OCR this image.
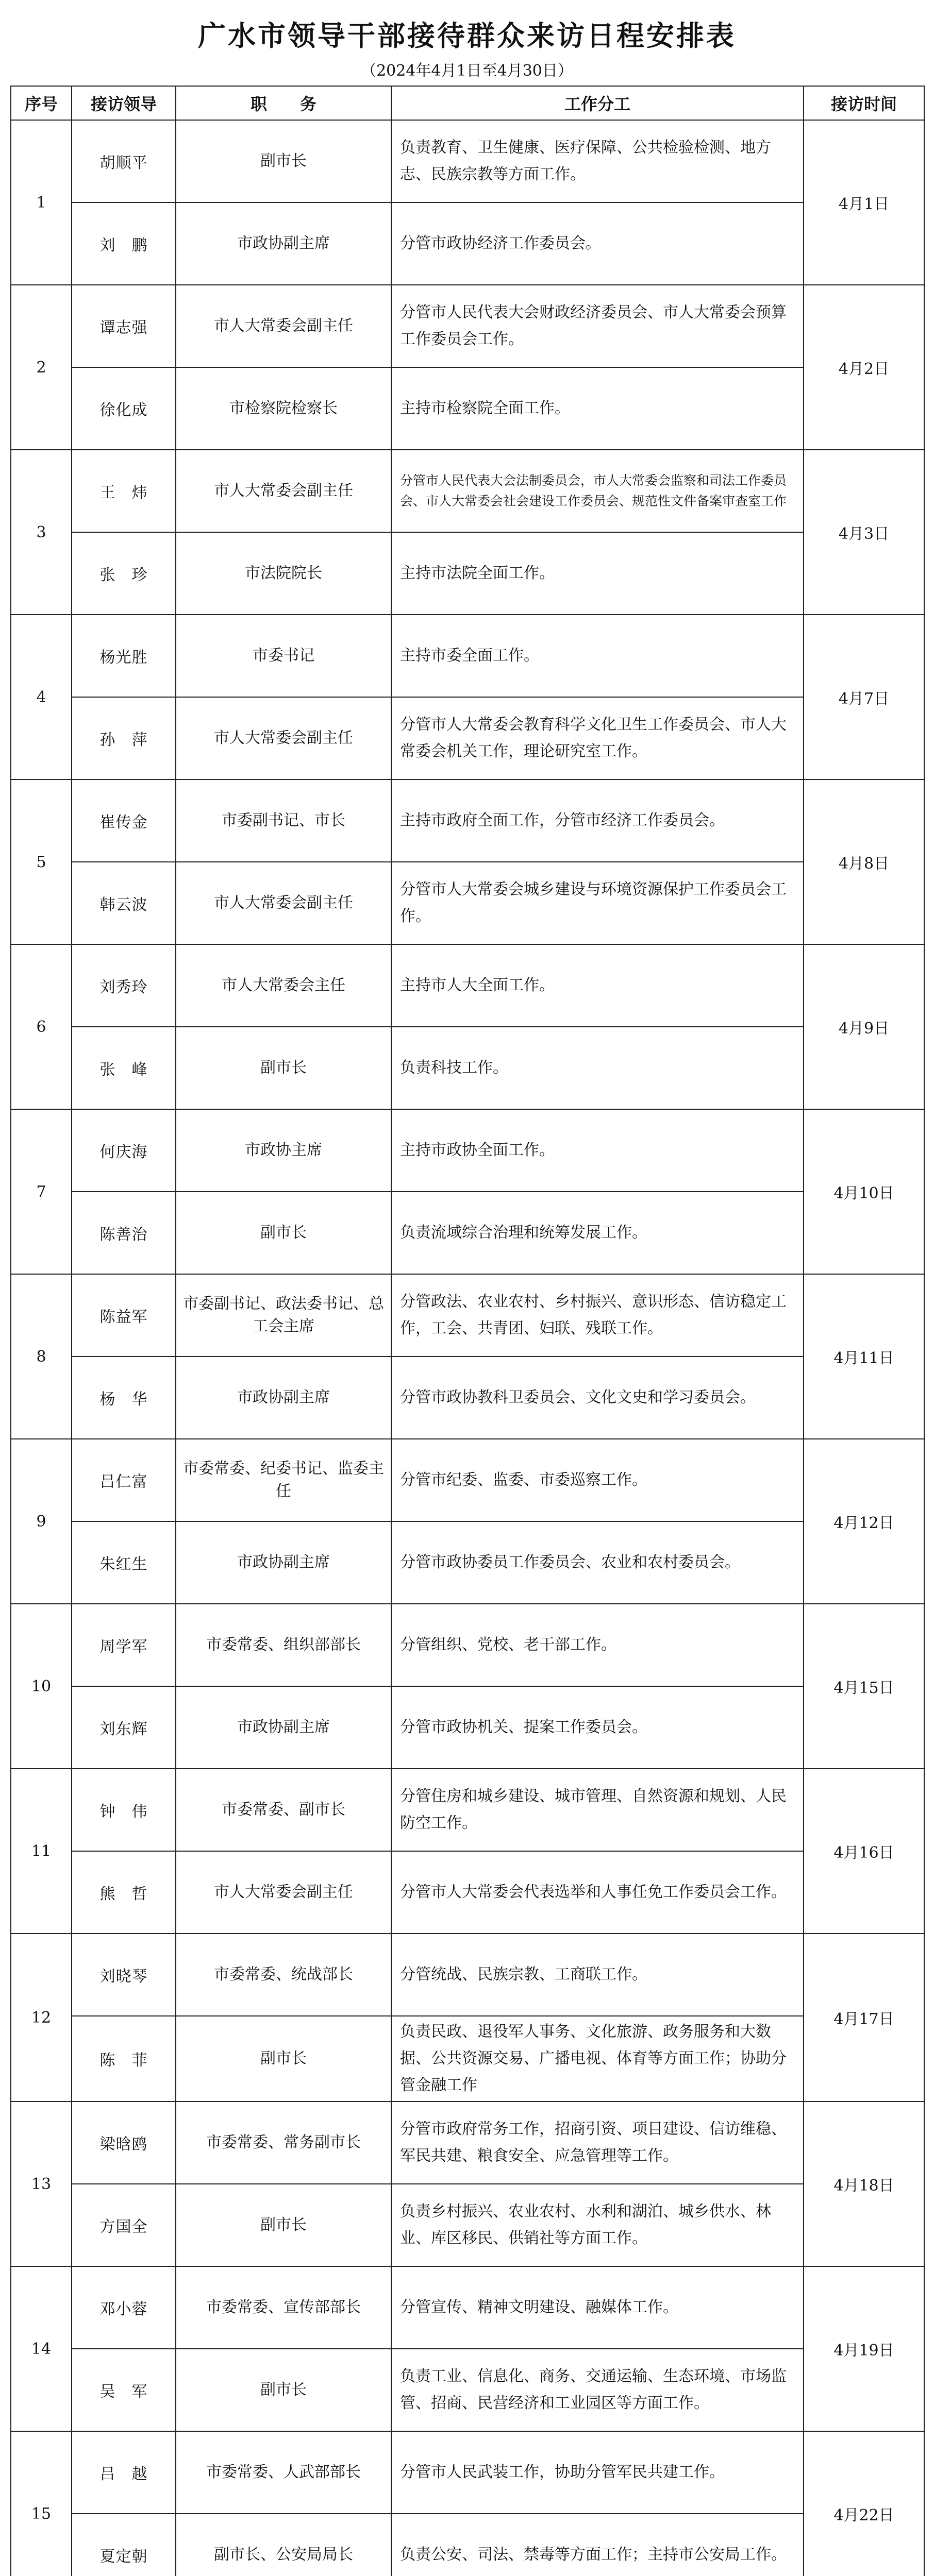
广水市领导干部接待群众来访日程安排表
（2024年4月1日至4月30日）
序号	接访领导	职　　务	工作分工	接访时间
1	胡顺平	副市长	负责教育、卫生健康、医疗保障、公共检验检测、地方志、民族宗教等方面工作。	4月1日
	刘　鹏	市政协副主席	分管市政协经济工作委员会。	
2	谭志强	市人大常委会副主任	分管市人民代表大会财政经济委员会、市人大常委会预算工作委员会工作。	4月2日
	徐化成	市检察院检察长	主持市检察院全面工作。	
3	王　炜	市人大常委会副主任	分管市人民代表大会法制委员会，市人大常委会监察和司法工作委员会、市人大常委会社会建设工作委员会、规范性文件备案审查室工作	4月3日
	张　珍	市法院院长	主持市法院全面工作。	
4	杨光胜	市委书记	主持市委全面工作。	4月7日
	孙　萍	市人大常委会副主任	分管市人大常委会教育科学文化卫生工作委员会、市人大常委会机关工作，理论研究室工作。	
5	崔传金	市委副书记、市长	主持市政府全面工作，分管市经济工作委员会。	4月8日
	韩云波	市人大常委会副主任	分管市人大常委会城乡建设与环境资源保护工作委员会工作。	
6	刘秀玲	市人大常委会主任	主持市人大全面工作。	4月9日
	张　峰	副市长	负责科技工作。	
7	何庆海	市政协主席	主持市政协全面工作。	4月10日
	陈善治	副市长	负责流域综合治理和统筹发展工作。	
8	陈益军	市委副书记、政法委书记、总工会主席	分管政法、农业农村、乡村振兴、意识形态、信访稳定工作，工会、共青团、妇联、残联工作。	4月11日
	杨　华	市政协副主席	分管市政协教科卫委员会、文化文史和学习委员会。	
9	吕仁富	市委常委、纪委书记、监委主任	分管市纪委、监委、市委巡察工作。	4月12日
	朱红生	市政协副主席	分管市政协委员工作委员会、农业和农村委员会。	
10	周学军	市委常委、组织部部长	分管组织、党校、老干部工作。	4月15日
	刘东辉	市政协副主席	分管市政协机关、提案工作委员会。	
11	钟　伟	市委常委、副市长	分管住房和城乡建设、城市管理、自然资源和规划、人民防空工作。	4月16日
	熊　哲	市人大常委会副主任	分管市人大常委会代表选举和人事任免工作委员会工作。	
12	刘晓琴	市委常委、统战部长	分管统战、民族宗教、工商联工作。	4月17日
	陈　菲	副市长	负责民政、退役军人事务、文化旅游、政务服务和大数据、公共资源交易、广播电视、体育等方面工作；协助分管金融工作	
13	梁晗鸥	市委常委、常务副市长	分管市政府常务工作，招商引资、项目建设、信访维稳、军民共建、粮食安全、应急管理等工作。	4月18日
	方国全	副市长	负责乡村振兴、农业农村、水利和湖泊、城乡供水、林业、库区移民、供销社等方面工作。	
14	邓小蓉	市委常委、宣传部部长	分管宣传、精神文明建设、融媒体工作。	4月19日
	吴　军	副市长	负责工业、信息化、商务、交通运输、生态环境、市场监管、招商、民营经济和工业园区等方面工作。	
15	吕　越	市委常委、人武部部长	分管市人民武装工作，协助分管军民共建工作。	4月22日
	夏定朝	副市长、公安局局长	负责公安、司法、禁毒等方面工作；主持市公安局工作。	
